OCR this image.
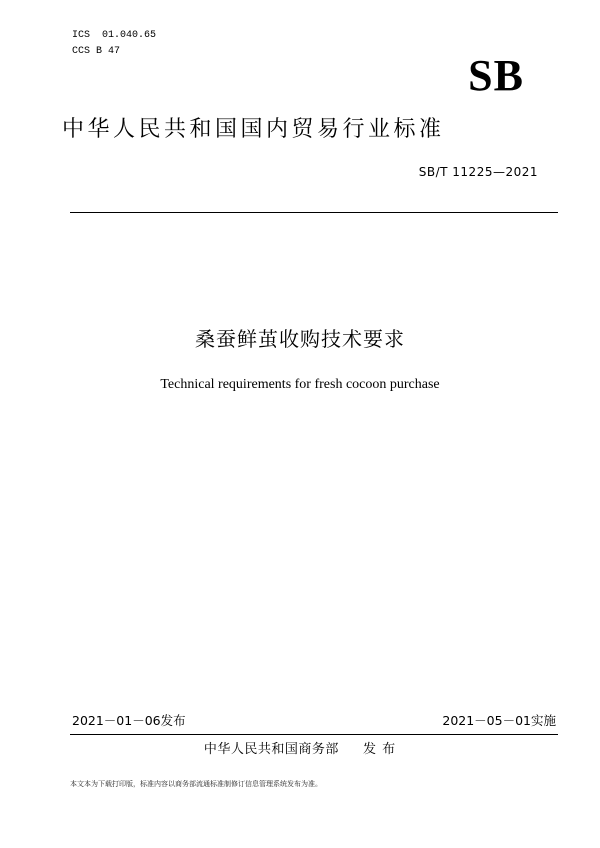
ICS  01.040.65
CCS B 47	SB
中华人民共和国国内贸易行业标准
SB/T 11225—2021
桑蚕鲜茧收购技术要求
Technical requirements for fresh cocoon purchase
2021－01－06发布	2021－05－01实施
中华人民共和国商务部 发 布
本文本为下载打印版，标准内容以商务部流通标准制修订信息管理系统发布为准。
